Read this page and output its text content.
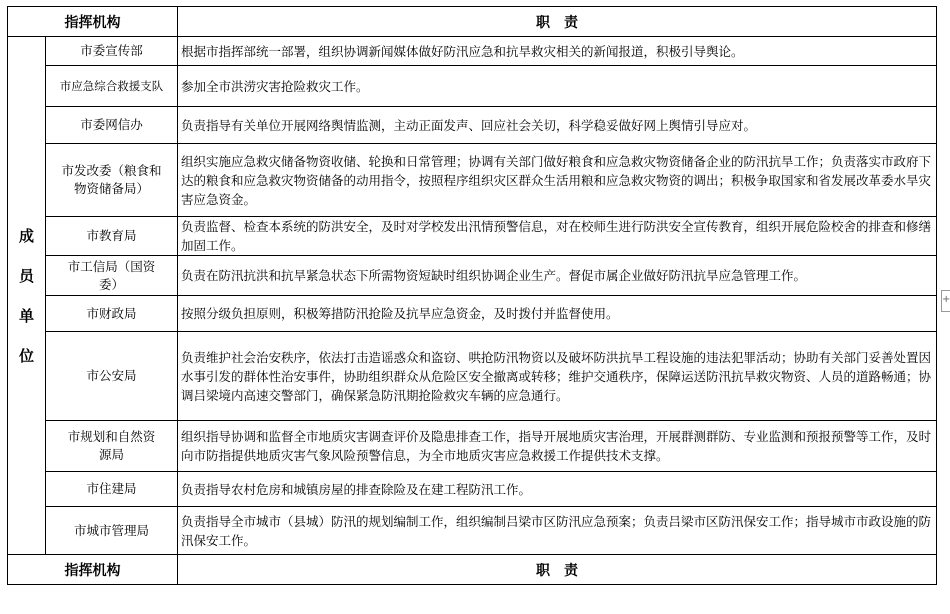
指挥机构		职　责
成员单位	市委宣传部	根据市指挥部统一部署，组织协调新闻媒体做好防汛应急和抗旱救灾相关的新闻报道，积极引导舆论。
	市应急综合救援支队	参加全市洪涝灾害抢险救灾工作。
	市委网信办	负责指导有关单位开展网络舆情监测，主动正面发声、回应社会关切，科学稳妥做好网上舆情引导应对。
	市发改委（粮食和物资储备局）	组织实施应急救灾储备物资收储、轮换和日常管理；协调有关部门做好粮食和应急救灾物资储备企业的防汛抗旱工作；负责落实市政府下达的粮食和应急救灾物资储备的动用指令，按照程序组织灾区群众生活用粮和应急救灾物资的调出；积极争取国家和省发展改革委水旱灾害应急资金。
	市教育局	负责监督、检查本系统的防洪安全，及时对学校发出汛情预警信息，对在校师生进行防洪安全宣传教育，组织开展危险校舍的排查和修缮加固工作。
	市工信局（国资委）	负责在防汛抗洪和抗旱紧急状态下所需物资短缺时组织协调企业生产。督促市属企业做好防汛抗旱应急管理工作。
	市财政局	按照分级负担原则，积极筹措防汛抢险及抗旱应急资金，及时拨付并监督使用。
	市公安局	负责维护社会治安秩序，依法打击造谣惑众和盗窃、哄抢防汛物资以及破坏防洪抗旱工程设施的违法犯罪活动；协助有关部门妥善处置因水事引发的群体性治安事件，协助组织群众从危险区安全撤离或转移；维护交通秩序，保障运送防汛抗旱救灾物资、人员的道路畅通；协调吕梁境内高速交警部门，确保紧急防汛期抢险救灾车辆的应急通行。
	市规划和自然资源局	组织指导协调和监督全市地质灾害调查评价及隐患排查工作，指导开展地质灾害治理，开展群测群防、专业监测和预报预警等工作，及时向市防指提供地质灾害气象风险预警信息，为全市地质灾害应急救援工作提供技术支撑。
	市住建局	负责指导农村危房和城镇房屋的排查除险及在建工程防汛工作。
	市城市管理局	负责指导全市城市（县城）防汛的规划编制工作，组织编制吕梁市区防汛应急预案；负责吕梁市区防汛保安工作；指导城市市政设施的防汛保安工作。
指挥机构		职　责
+
